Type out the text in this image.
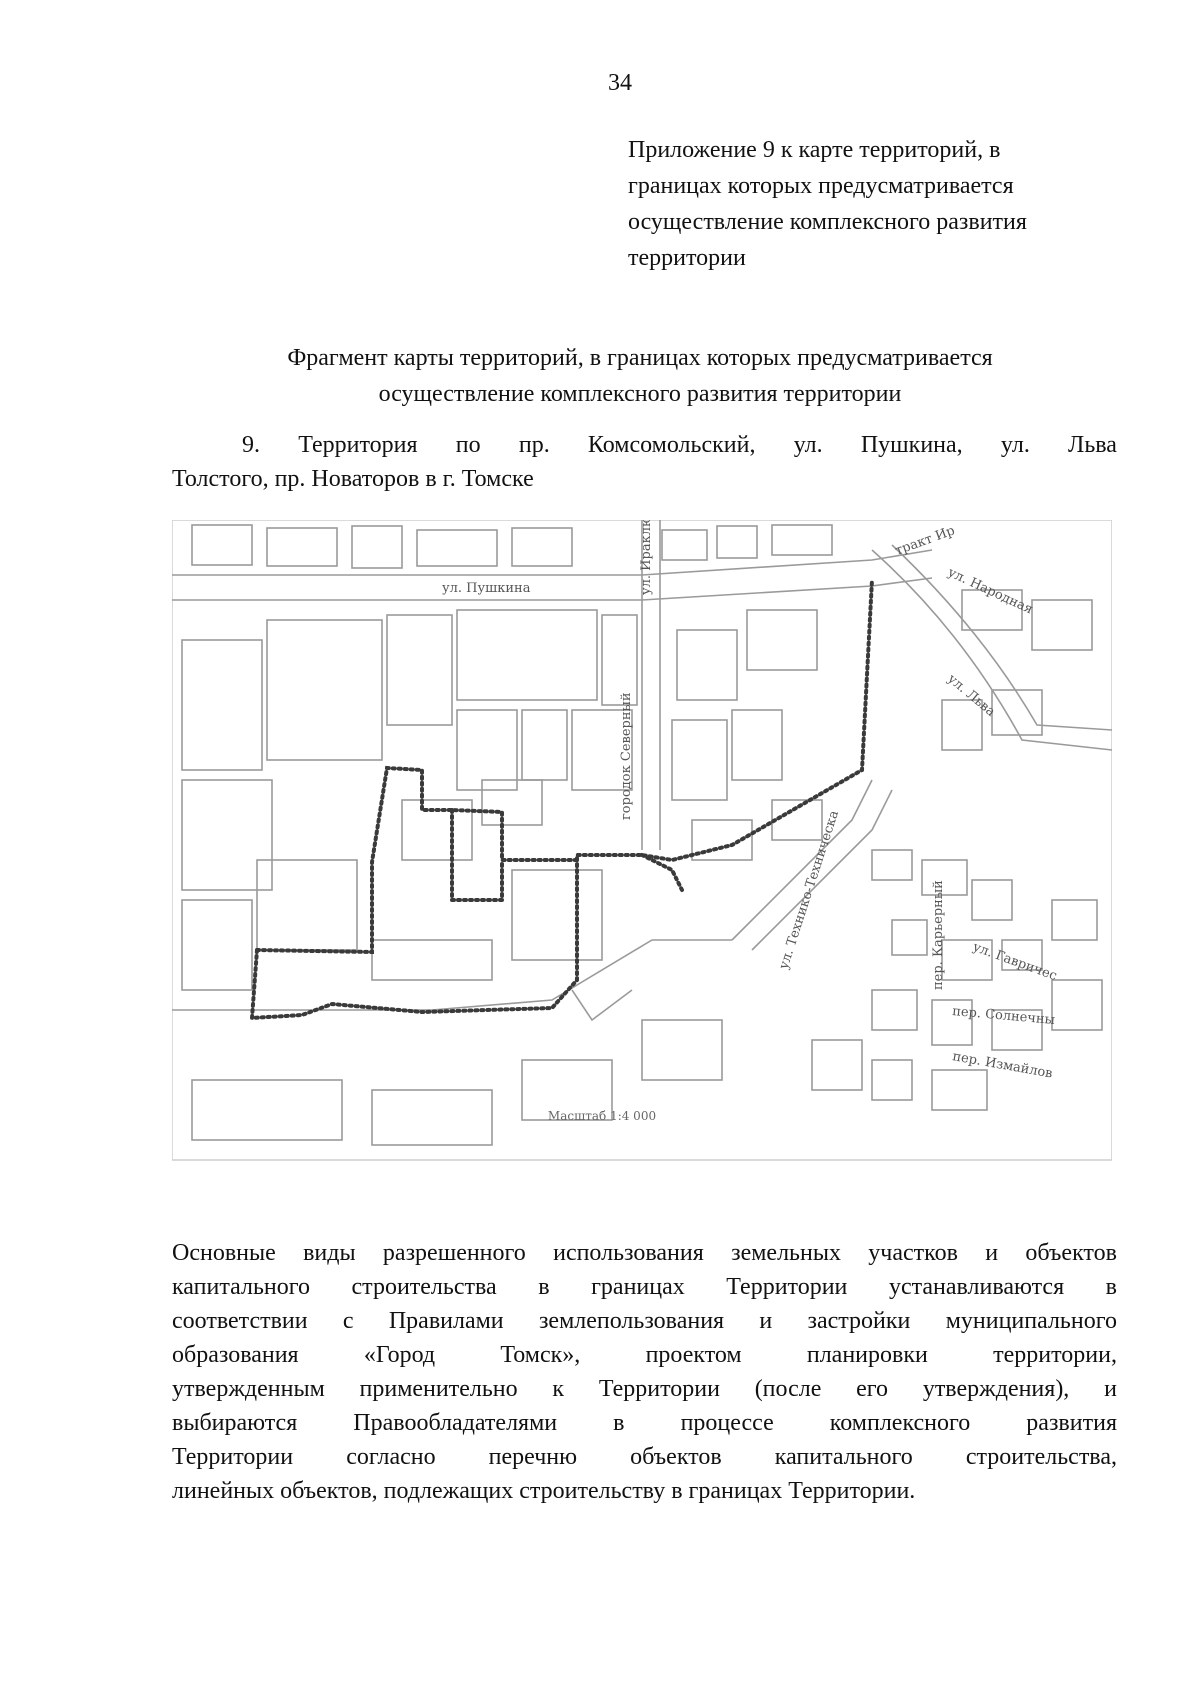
34
Приложение 9 к карте территорий, в
границах которых предусматривается
осуществление комплексного развития
территории
Фрагмент карты территорий, в границах которых предусматривается
осуществление комплексного развития территории
9. Территория по пр. Комсомольский, ул. Пушкина, ул. Льва
Толстого, пр. Новаторов в г. Томске
ул. Пушкина
тракт Ир
ул. Народная
ул. Ираклю
городок Северный	ул. Львa
ул. Технико-Техническа	пер. Карьерный ул. Гавричес
пер. Солнечны
пер. Измайлов
Масштаб 1:4 000
Основные виды разрешенного использования земельных участков и объектов
капитального строительства в границах Территории устанавливаются в
соответствии с Правилами землепользования и застройки муниципального
образования	«Город	Томск»,	проектом	планировки	территории,
утвержденным применительно к Территории (после его утверждения), и
выбираются Правообладателями в процессе комплексного развития
Территории согласно перечню объектов капитального строительства,
линейных объектов, подлежащих строительству в границах Территории.
